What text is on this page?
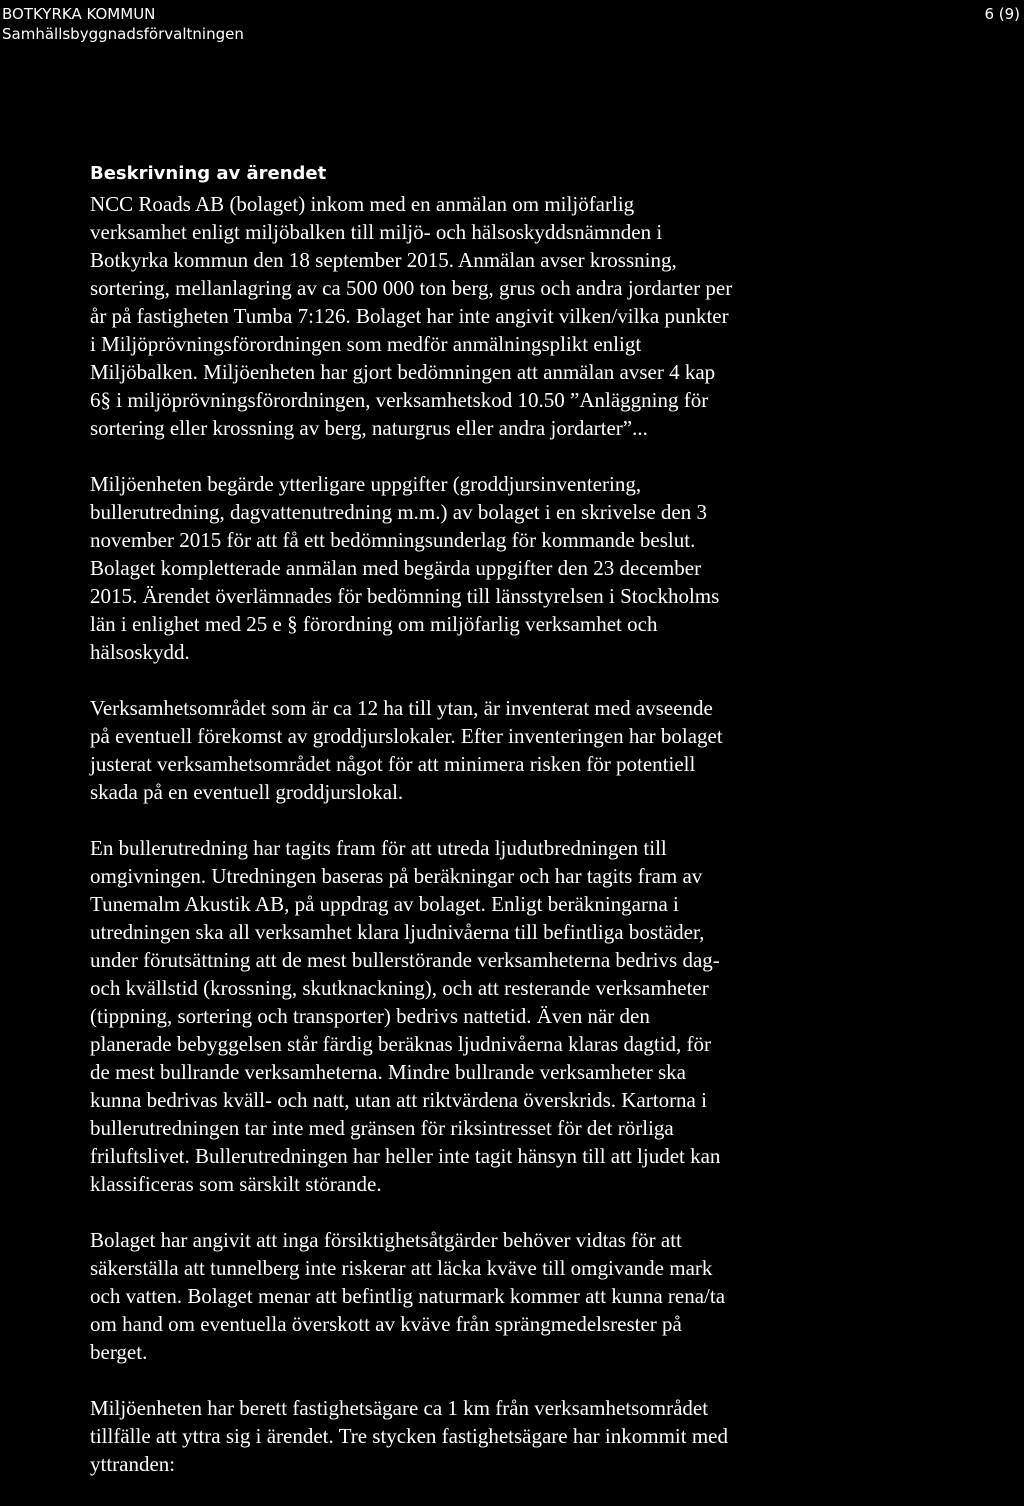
BOTKYRKA KOMMUN
Samhällsbyggnadsförvaltningen
6 (9)
Beskrivning av ärendet

NCC Roads AB (bolaget) inkom med en anmälan om miljöfarlig
verksamhet enligt miljöbalken till miljö- och hälsoskyddsnämnden i
Botkyrka kommun den 18 september 2015. Anmälan avser krossning,
sortering, mellanlagring av ca 500 000 ton berg, grus och andra jordarter per
år på fastigheten Tumba 7:126. Bolaget har inte angivit vilken/vilka punkter
i Miljöprövningsförordningen som medför anmälningsplikt enligt
Miljöbalken. Miljöenheten har gjort bedömningen att anmälan avser 4 kap
6§ i miljöprövningsförordningen, verksamhetskod 10.50 ”Anläggning för
sortering eller krossning av berg, naturgrus eller andra jordarter”...

Miljöenheten begärde ytterligare uppgifter (groddjursinventering,
bullerutredning, dagvattenutredning m.m.) av bolaget i en skrivelse den 3
november 2015 för att få ett bedömningsunderlag för kommande beslut.
Bolaget kompletterade anmälan med begärda uppgifter den 23 december
2015. Ärendet överlämnades för bedömning till länsstyrelsen i Stockholms
län i enlighet med 25 e § förordning om miljöfarlig verksamhet och
hälsoskydd.

Verksamhetsområdet som är ca 12 ha till ytan, är inventerat med avseende
på eventuell förekomst av groddjurslokaler. Efter inventeringen har bolaget
justerat verksamhetsområdet något för att minimera risken för potentiell
skada på en eventuell groddjurslokal.

En bullerutredning har tagits fram för att utreda ljudutbredningen till
omgivningen. Utredningen baseras på beräkningar och har tagits fram av
Tunemalm Akustik AB, på uppdrag av bolaget. Enligt beräkningarna i
utredningen ska all verksamhet klara ljudnivåerna till befintliga bostäder,
under förutsättning att de mest bullerstörande verksamheterna bedrivs dag-
och kvällstid (krossning, skutknackning), och att resterande verksamheter
(tippning, sortering och transporter) bedrivs nattetid. Även när den
planerade bebyggelsen står färdig beräknas ljudnivåerna klaras dagtid, för
de mest bullrande verksamheterna. Mindre bullrande verksamheter ska
kunna bedrivas kväll- och natt, utan att riktvärdena överskrids. Kartorna i
bullerutredningen tar inte med gränsen för riksintresset för det rörliga
friluftslivet. Bullerutredningen har heller inte tagit hänsyn till att ljudet kan
klassificeras som särskilt störande.

Bolaget har angivit att inga försiktighetsåtgärder behöver vidtas för att
säkerställa att tunnelberg inte riskerar att läcka kväve till omgivande mark
och vatten. Bolaget menar att befintlig naturmark kommer att kunna rena/ta
om hand om eventuella överskott av kväve från sprängmedelsrester på
berget.

Miljöenheten har berett fastighetsägare ca 1 km från verksamhetsområdet
tillfälle att yttra sig i ärendet. Tre stycken fastighetsägare har inkommit med
yttranden:
